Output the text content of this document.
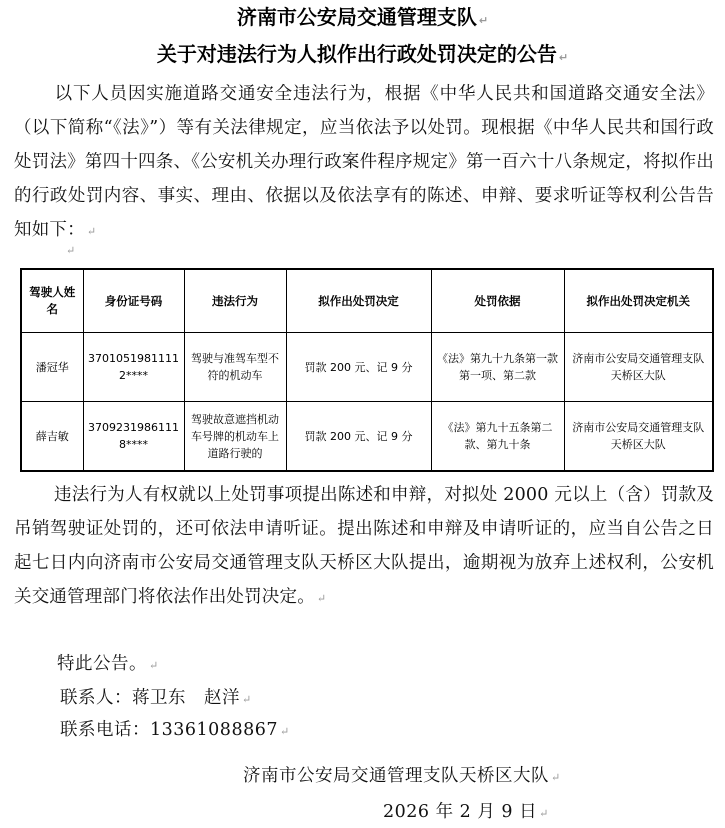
济南市公安局交通管理支队 ↵
关于对违法行为人拟作出行政处罚决定的公告 ↵
以下人员因实施道路交通安全违法行为，根据《中华人民共和国道路交通安全法》（以下简称“《法》”）等有关法律规定，应当依法予以处罚。现根据《中华人民共和国行政处罚法》第四十四条、《公安机关办理行政案件程序规定》第一百六十八条规定，将拟作出的行政处罚内容、事实、理由、依据以及依法享有的陈述、申辩、要求听证等权利公告告知如下： ↵
↵
驾驶人姓名	身份证号码	违法行为	拟作出处罚决定	处罚依据	拟作出处罚决定机关
潘冠华	37010519811112****	驾驶与准驾车型不符的机动车	罚款 200 元、记 9 分	《法》第九十九条第一款第一项、第二款	济南市公安局交通管理支队天桥区大队
薛吉敏	37092319861118****	驾驶故意遮挡机动车号牌的机动车上道路行驶的	罚款 200 元、记 9 分	《法》第九十五条第二款、第九十条	济南市公安局交通管理支队天桥区大队
违法行为人有权就以上处罚事项提出陈述和申辩，对拟处 2000 元以上（含）罚款及吊销驾驶证处罚的，还可依法申请听证。提出陈述和申辩及申请听证的，应当自公告之日起七日内向济南市公安局交通管理支队天桥区大队提出，逾期视为放弃上述权利，公安机关交通管理部门将依法作出处罚决定。 ↵
特此公告。 ↵
联系人：蒋卫东　赵洋 ↵
联系电话：13361088867 ↵
济南市公安局交通管理支队天桥区大队 ↵
2026 年 2 月 9 日 ↵
